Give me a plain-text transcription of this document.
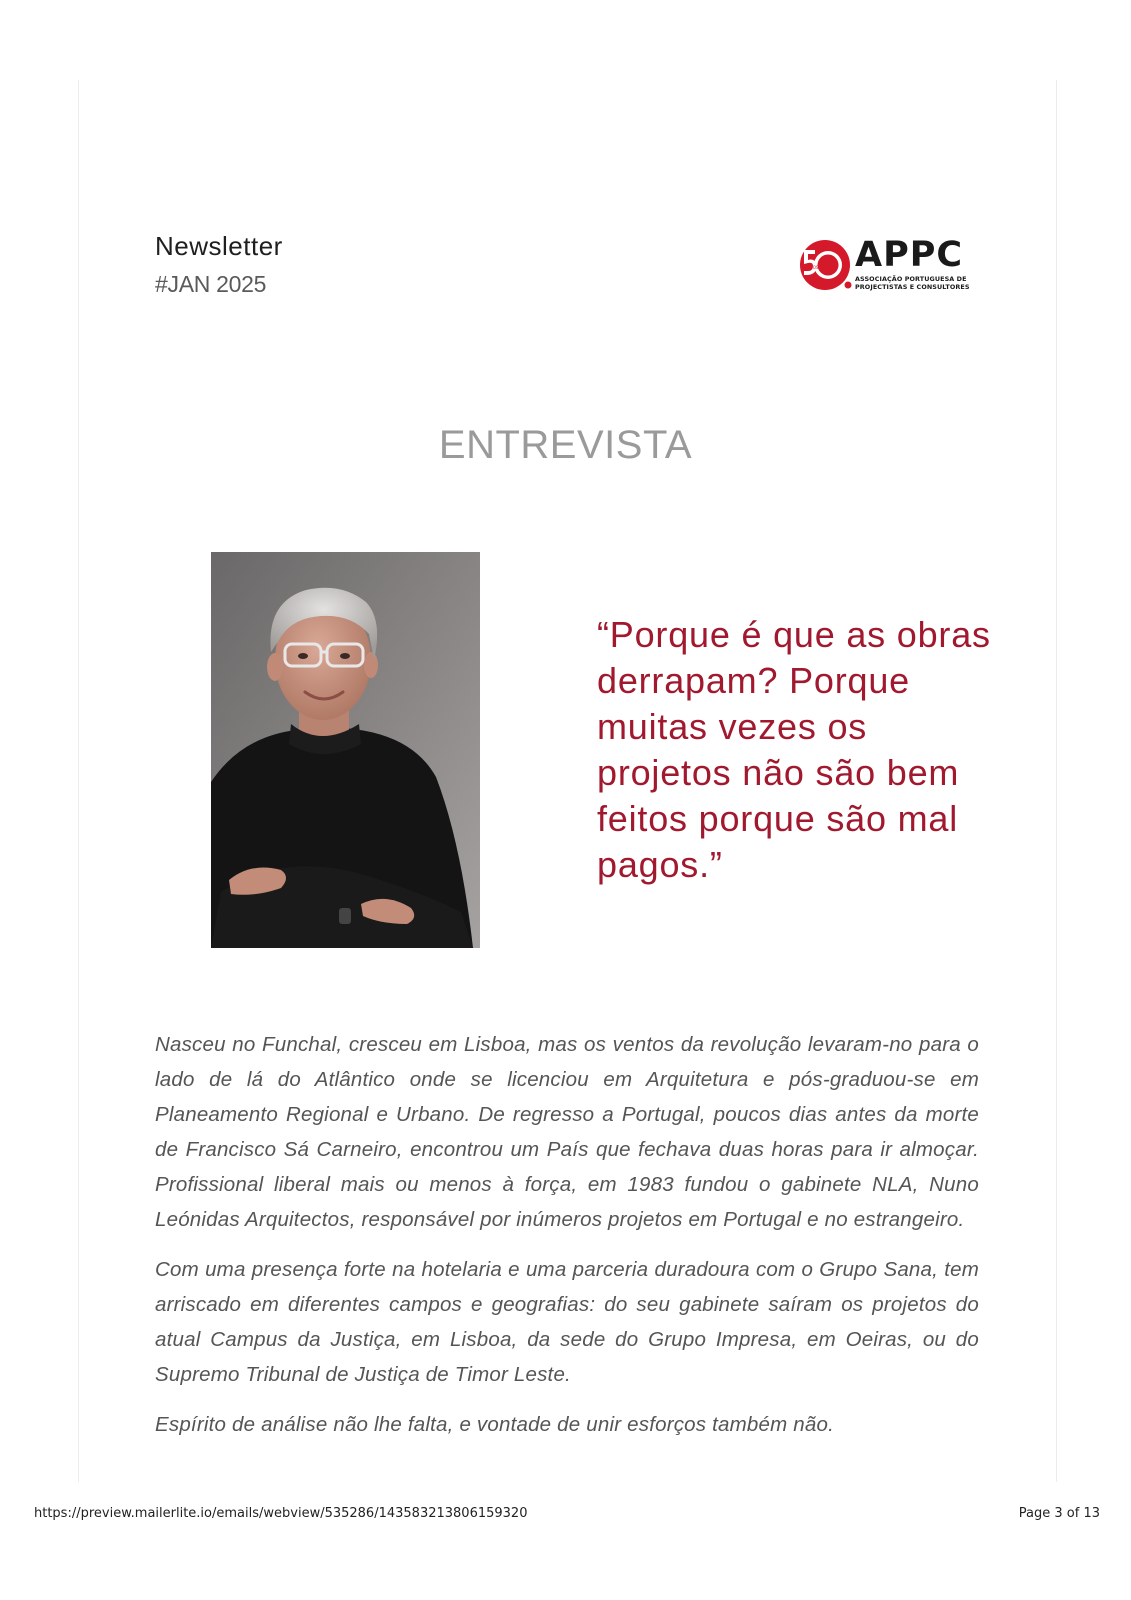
Newsletter
#JAN 2025
ANOS APPC
ASSOCIAÇÃO PORTUGUESA DE
PROJECTISTAS E CONSULTORES
ENTREVISTA
“Porque é que as obras derrapam? Porque muitas vezes os projetos não são bem feitos porque são mal pagos.”

Nasceu no Funchal, cresceu em Lisboa, mas os ventos da revolução levaram-no para o lado de lá do Atlântico onde se licenciou em Arquitetura e pós-graduou-se em Planeamento Regional e Urbano. De regresso a Portugal, poucos dias antes da morte de Francisco Sá Carneiro, encontrou um País que fechava duas horas para ir almoçar. Profissional liberal mais ou menos à força, em 1983 fundou o gabinete NLA, Nuno Leónidas Arquitectos, responsável por inúmeros projetos em Portugal e no estrangeiro.

Com uma presença forte na hotelaria e uma parceria duradoura com o Grupo Sana, tem arriscado em diferentes campos e geografias: do seu gabinete saíram os projetos do atual Campus da Justiça, em Lisboa, da sede do Grupo Impresa, em Oeiras, ou do Supremo Tribunal de Justiça de Timor Leste.

Espírito de análise não lhe falta, e vontade de unir esforços também não.

https://preview.mailerlite.io/emails/webview/535286/143583213806159320	Page 3 of 13
